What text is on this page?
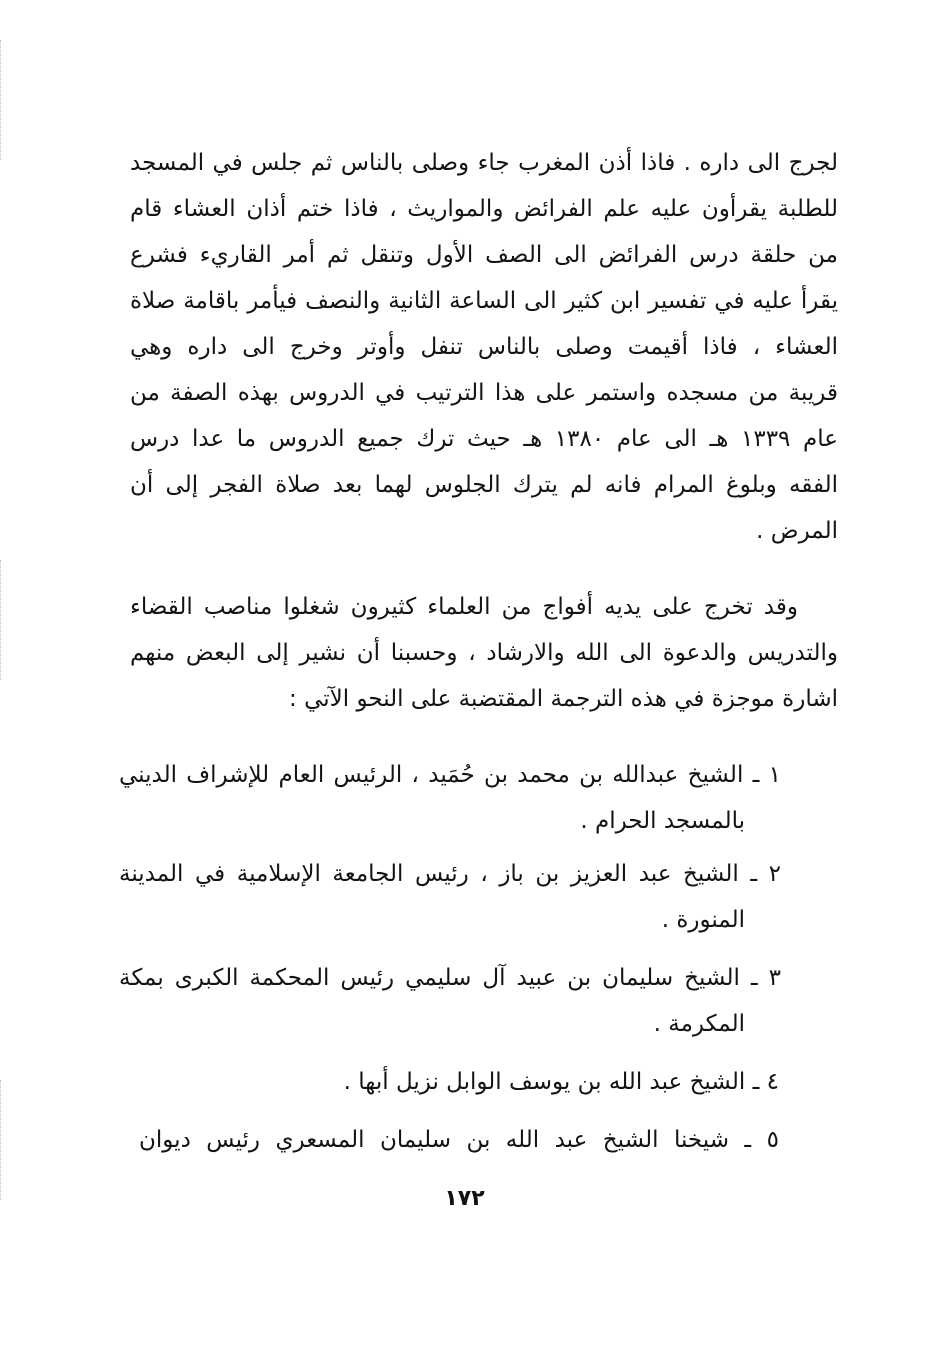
لجرج الى داره . فاذا أذن المغرب جاء وصلى بالناس ثم جلس في المسجد
للطلبة يقرأون عليه علم الفرائض والمواريث ، فاذا ختم أذان العشاء قام
من حلقة درس الفرائض الى الصف الأول وتنقل ثم أمر القاريء فشرع
يقرأ عليه في تفسير ابن كثير الى الساعة الثانية والنصف فيأمر باقامة صلاة
العشاء ، فاذا أقيمت وصلى بالناس تنفل وأوتر وخرج الى داره وهي
قريبة من مسجده واستمر على هذا الترتيب في الدروس بهذه الصفة من
عام ١٣٣٩ هـ الى عام ١٣٨٠ هـ حيث ترك جميع الدروس ما عدا درس
الفقه وبلوغ المرام فانه لم يترك الجلوس لهما بعد صلاة الفجر إلى أن
المرض .
وقد تخرج على يديه أفواج من العلماء كثيرون شغلوا مناصب القضاء
والتدريس والدعوة الى الله والارشاد ، وحسبنا أن نشير إلى البعض منهم
اشارة موجزة في هذه الترجمة المقتضبة على النحو الآتي :
١ ـ الشيخ عبدالله بن محمد بن حُمَيد ، الرئيس العام للإشراف الديني
بالمسجد الحرام .
٢ ـ الشيخ عبد العزيز بن باز ، رئيس الجامعة الإسلامية في المدينة
المنورة .
٣ ـ الشيخ سليمان بن عبيد آل سليمي رئيس المحكمة الكبرى بمكة
المكرمة .
٤ ـ الشيخ عبد الله بن يوسف الوابل نزيل أبها .
٥ ـ شيخنا الشيخ عبد الله بن سليمان المسعري رئيس ديوان
١٧٢
